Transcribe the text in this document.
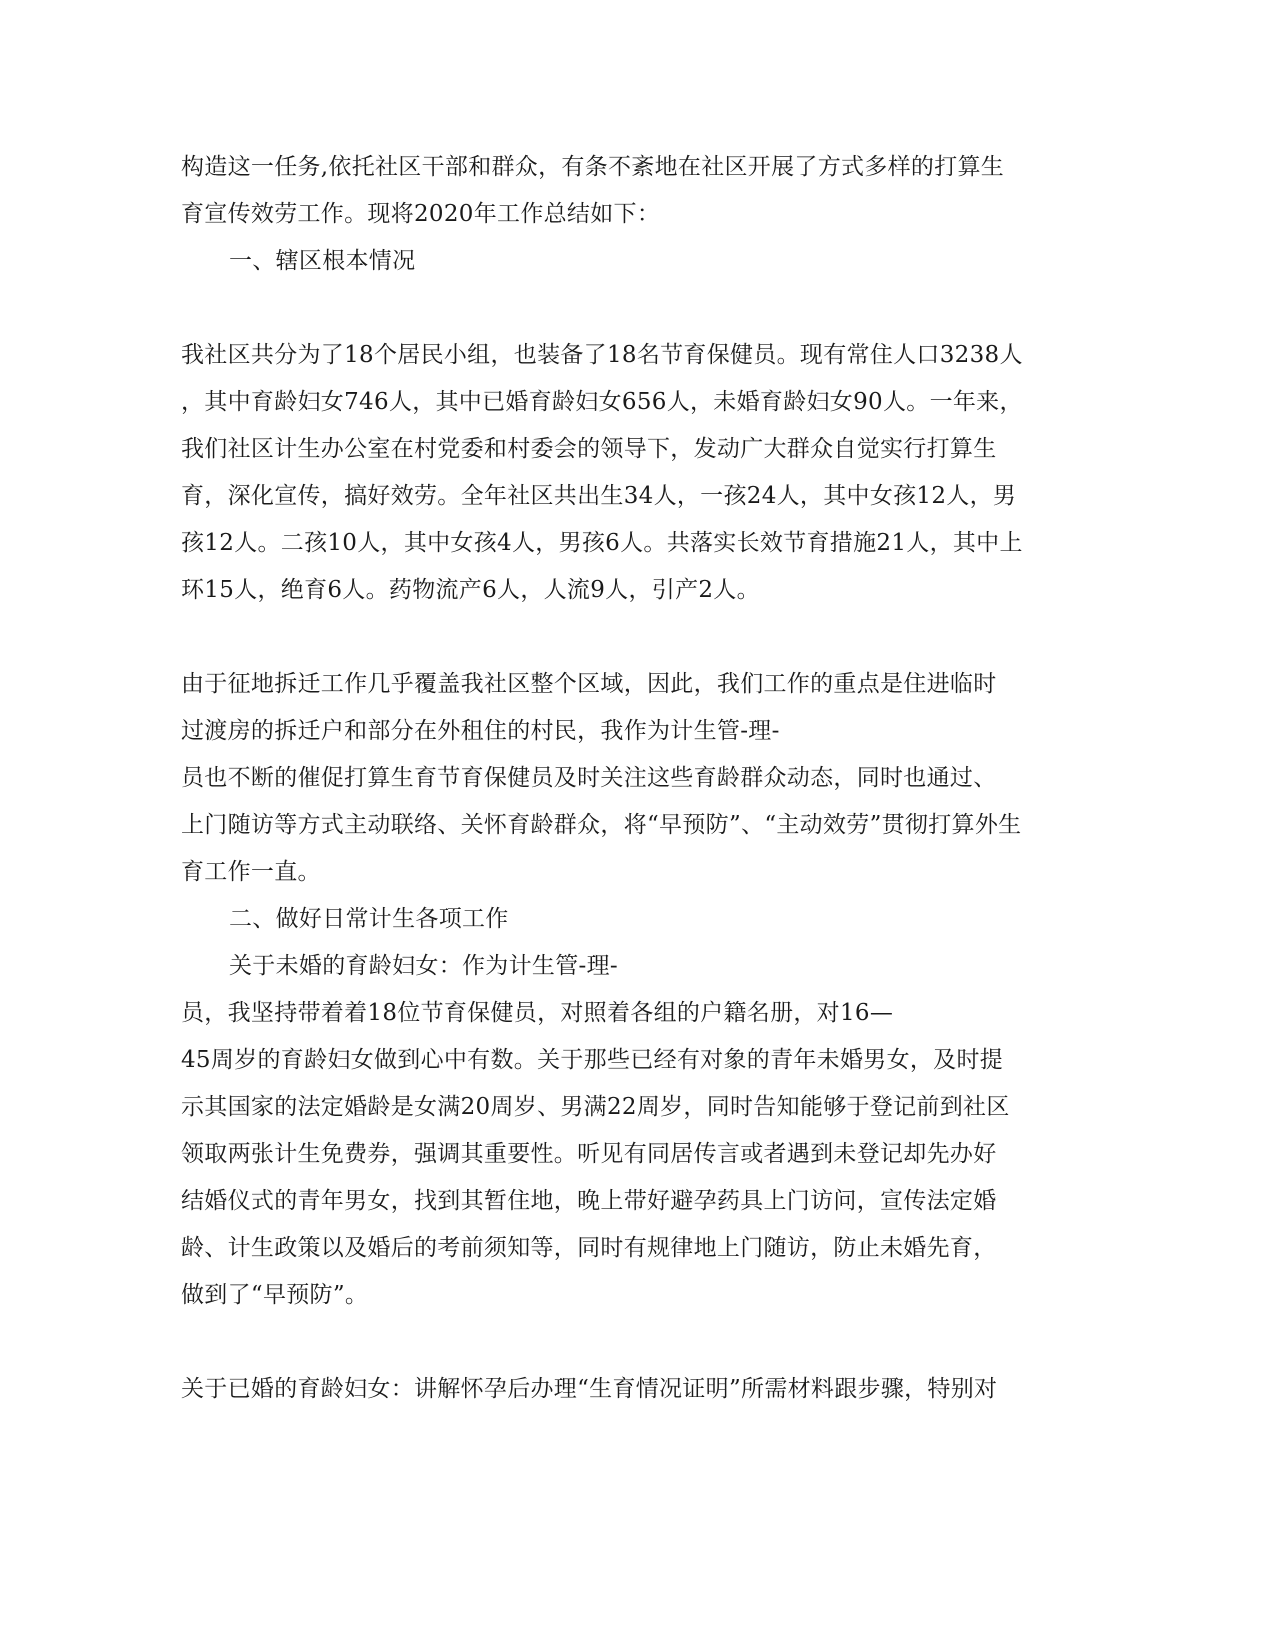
构造这一任务,依托社区干部和群众，有条不紊地在社区开展了方式多样的打算生
育宣传效劳工作。现将2020年工作总结如下：
一、辖区根本情况
我社区共分为了18个居民小组，也装备了18名节育保健员。现有常住人口3238人
，其中育龄妇女746人，其中已婚育龄妇女656人，未婚育龄妇女90人。一年来，
我们社区计生办公室在村党委和村委会的领导下，发动广大群众自觉实行打算生
育，深化宣传，搞好效劳。全年社区共出生34人，一孩24人，其中女孩12人，男
孩12人。二孩10人，其中女孩4人，男孩6人。共落实长效节育措施21人，其中上
环15人，绝育6人。药物流产6人，人流9人，引产2人。
由于征地拆迁工作几乎覆盖我社区整个区域，因此，我们工作的重点是住进临时
过渡房的拆迁户和部分在外租住的村民，我作为计生管-理-
员也不断的催促打算生育节育保健员及时关注这些育龄群众动态，同时也通过、
上门随访等方式主动联络、关怀育龄群众，将“早预防”、“主动效劳”贯彻打算外生
育工作一直。
二、做好日常计生各项工作
关于未婚的育龄妇女：作为计生管-理-
员，我坚持带着着18位节育保健员，对照着各组的户籍名册，对16—
45周岁的育龄妇女做到心中有数。关于那些已经有对象的青年未婚男女，及时提
示其国家的法定婚龄是女满20周岁、男满22周岁，同时告知能够于登记前到社区
领取两张计生免费券，强调其重要性。听见有同居传言或者遇到未登记却先办好
结婚仪式的青年男女，找到其暂住地，晚上带好避孕药具上门访问，宣传法定婚
龄、计生政策以及婚后的考前须知等，同时有规律地上门随访，防止未婚先育，
做到了“早预防”。
关于已婚的育龄妇女：讲解怀孕后办理“生育情况证明”所需材料跟步骤，特别对
